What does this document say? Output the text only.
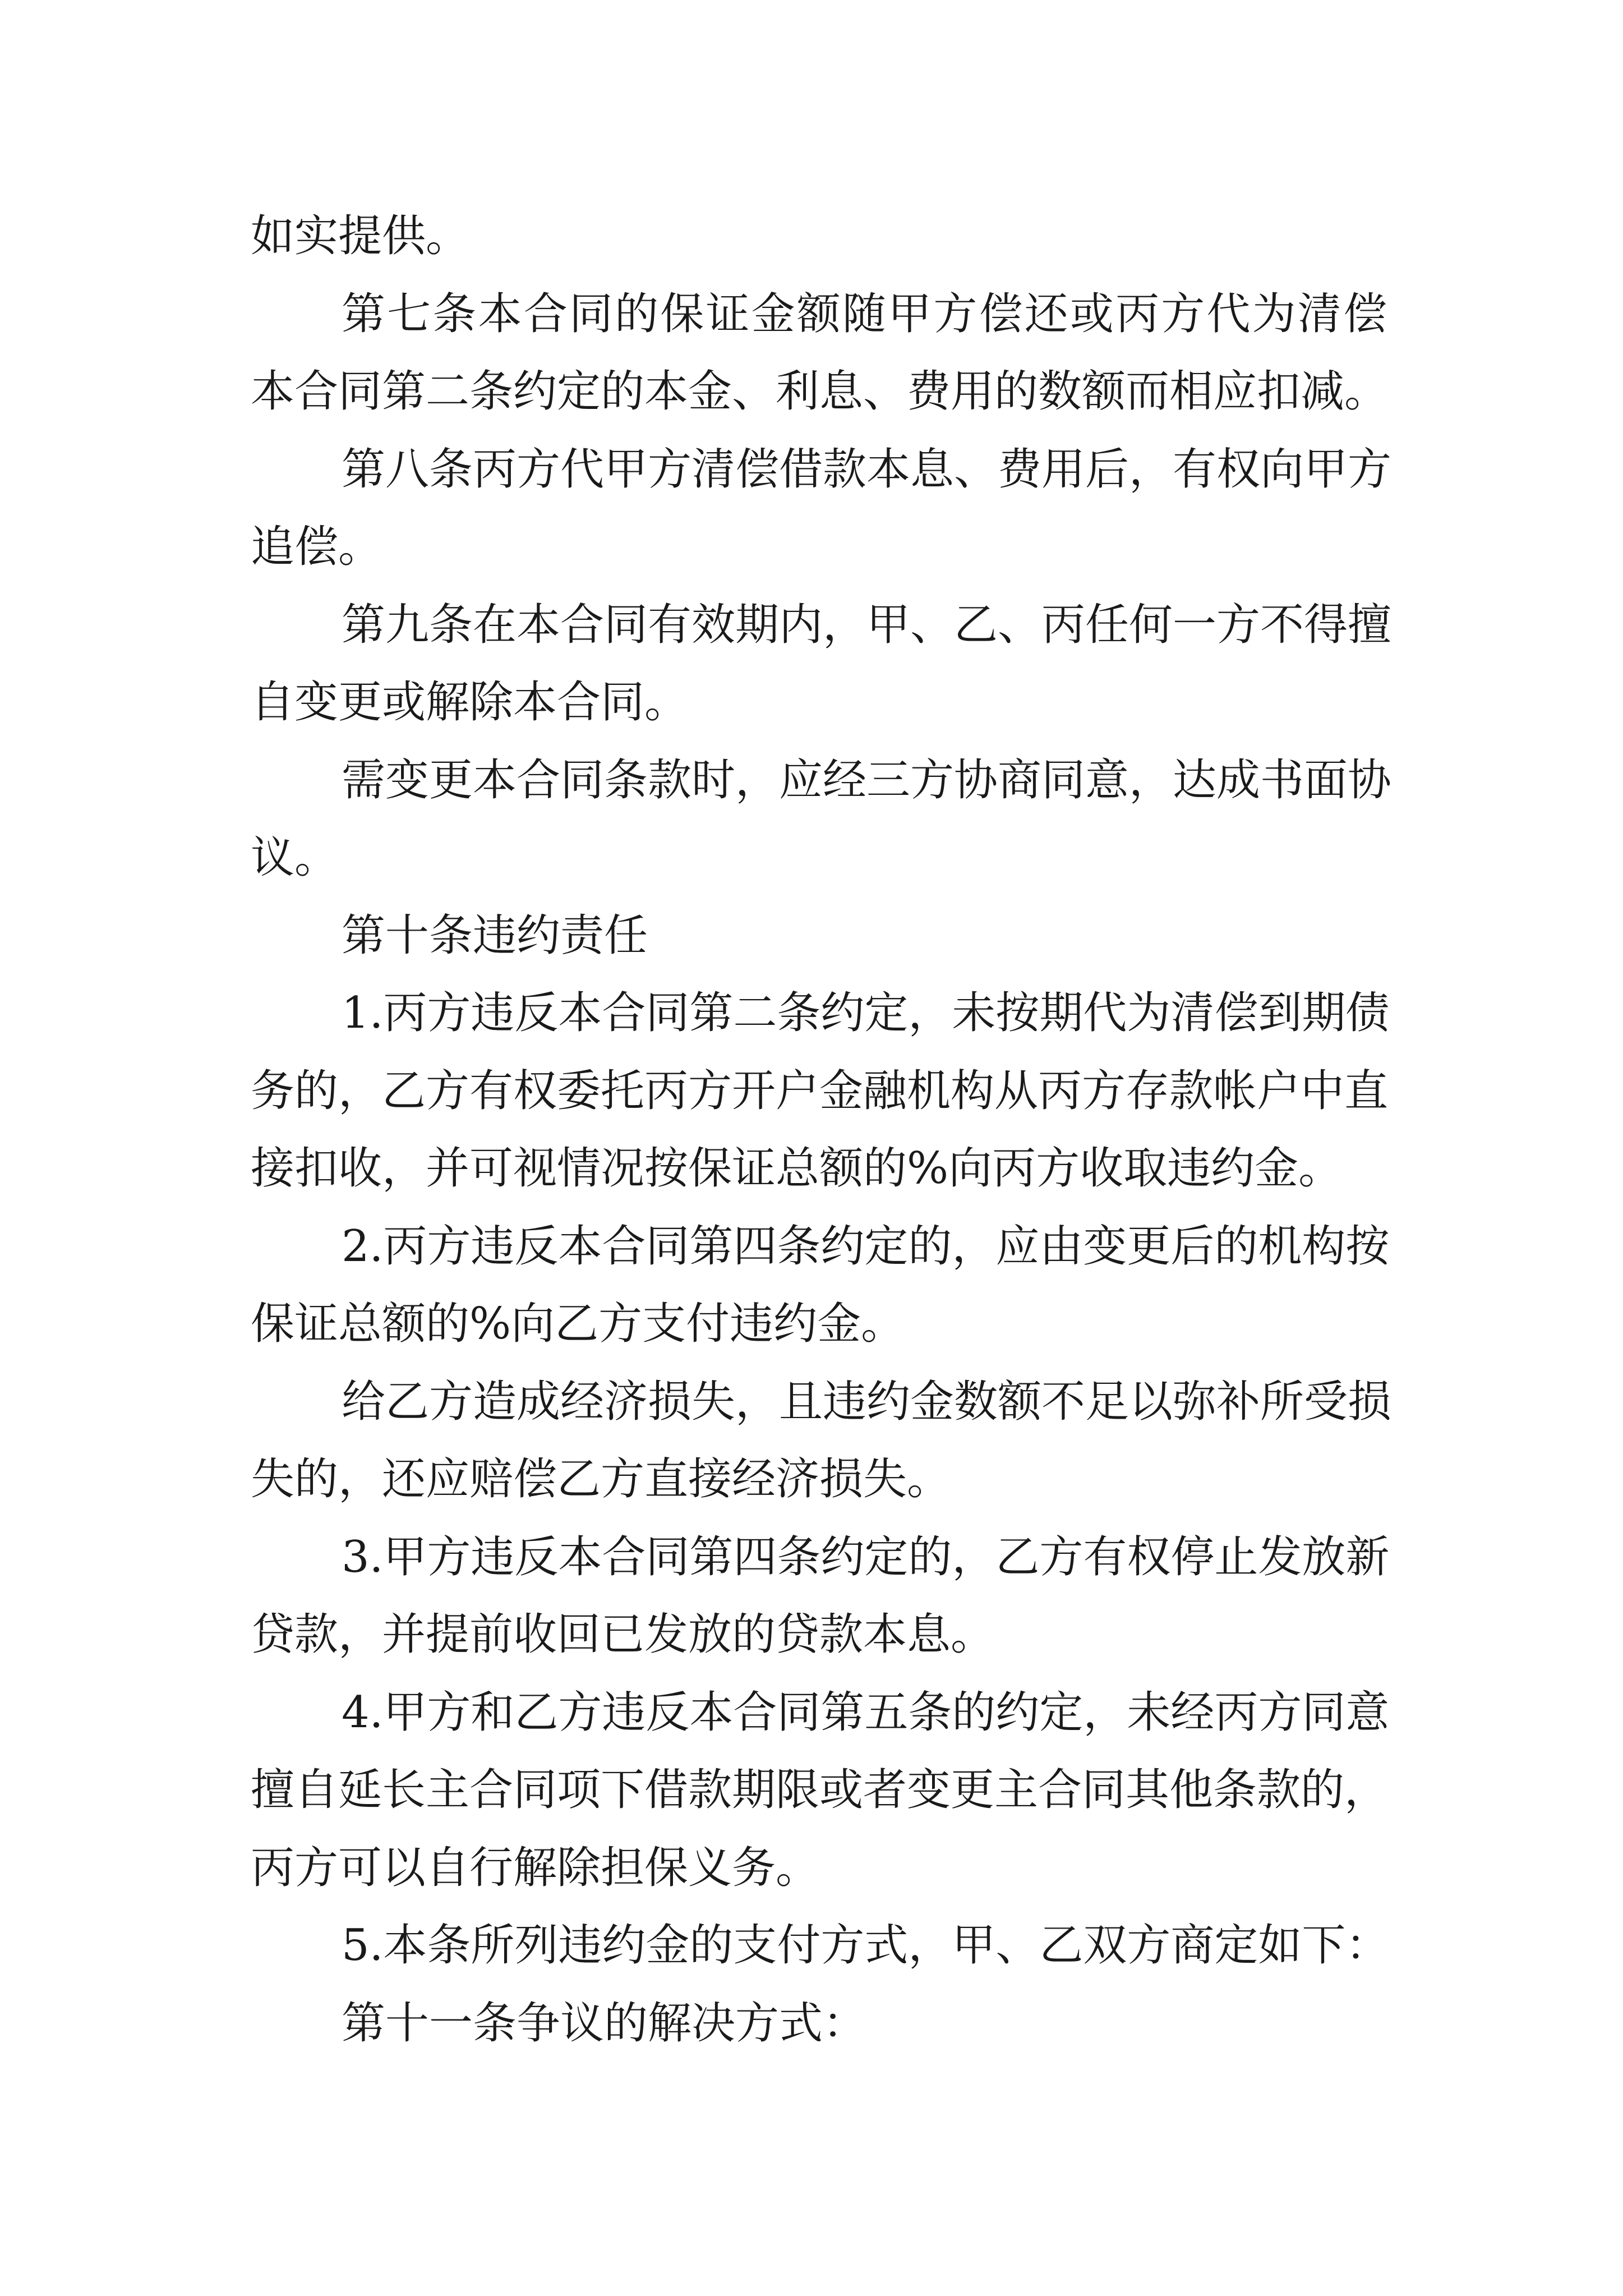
如实提供。
第七条本合同的保证金额随甲方偿还或丙方代为清偿
本合同第二条约定的本金、利息、费用的数额而相应扣减。
第八条丙方代甲方清偿借款本息、费用后，有权向甲方
追偿。
第九条在本合同有效期内，甲、乙、丙任何一方不得擅
自变更或解除本合同。
需变更本合同条款时，应经三方协商同意，达成书面协
议。
第十条违约责任
1.丙方违反本合同第二条约定，未按期代为清偿到期债
务的，乙方有权委托丙方开户金融机构从丙方存款帐户中直
接扣收，并可视情况按保证总额的%向丙方收取违约金。
2.丙方违反本合同第四条约定的，应由变更后的机构按
保证总额的%向乙方支付违约金。
给乙方造成经济损失，且违约金数额不足以弥补所受损
失的，还应赔偿乙方直接经济损失。
3.甲方违反本合同第四条约定的，乙方有权停止发放新
贷款，并提前收回已发放的贷款本息。
4.甲方和乙方违反本合同第五条的约定，未经丙方同意
擅自延长主合同项下借款期限或者变更主合同其他条款的，
丙方可以自行解除担保义务。
5.本条所列违约金的支付方式，甲、乙双方商定如下：
第十一条争议的解决方式：
